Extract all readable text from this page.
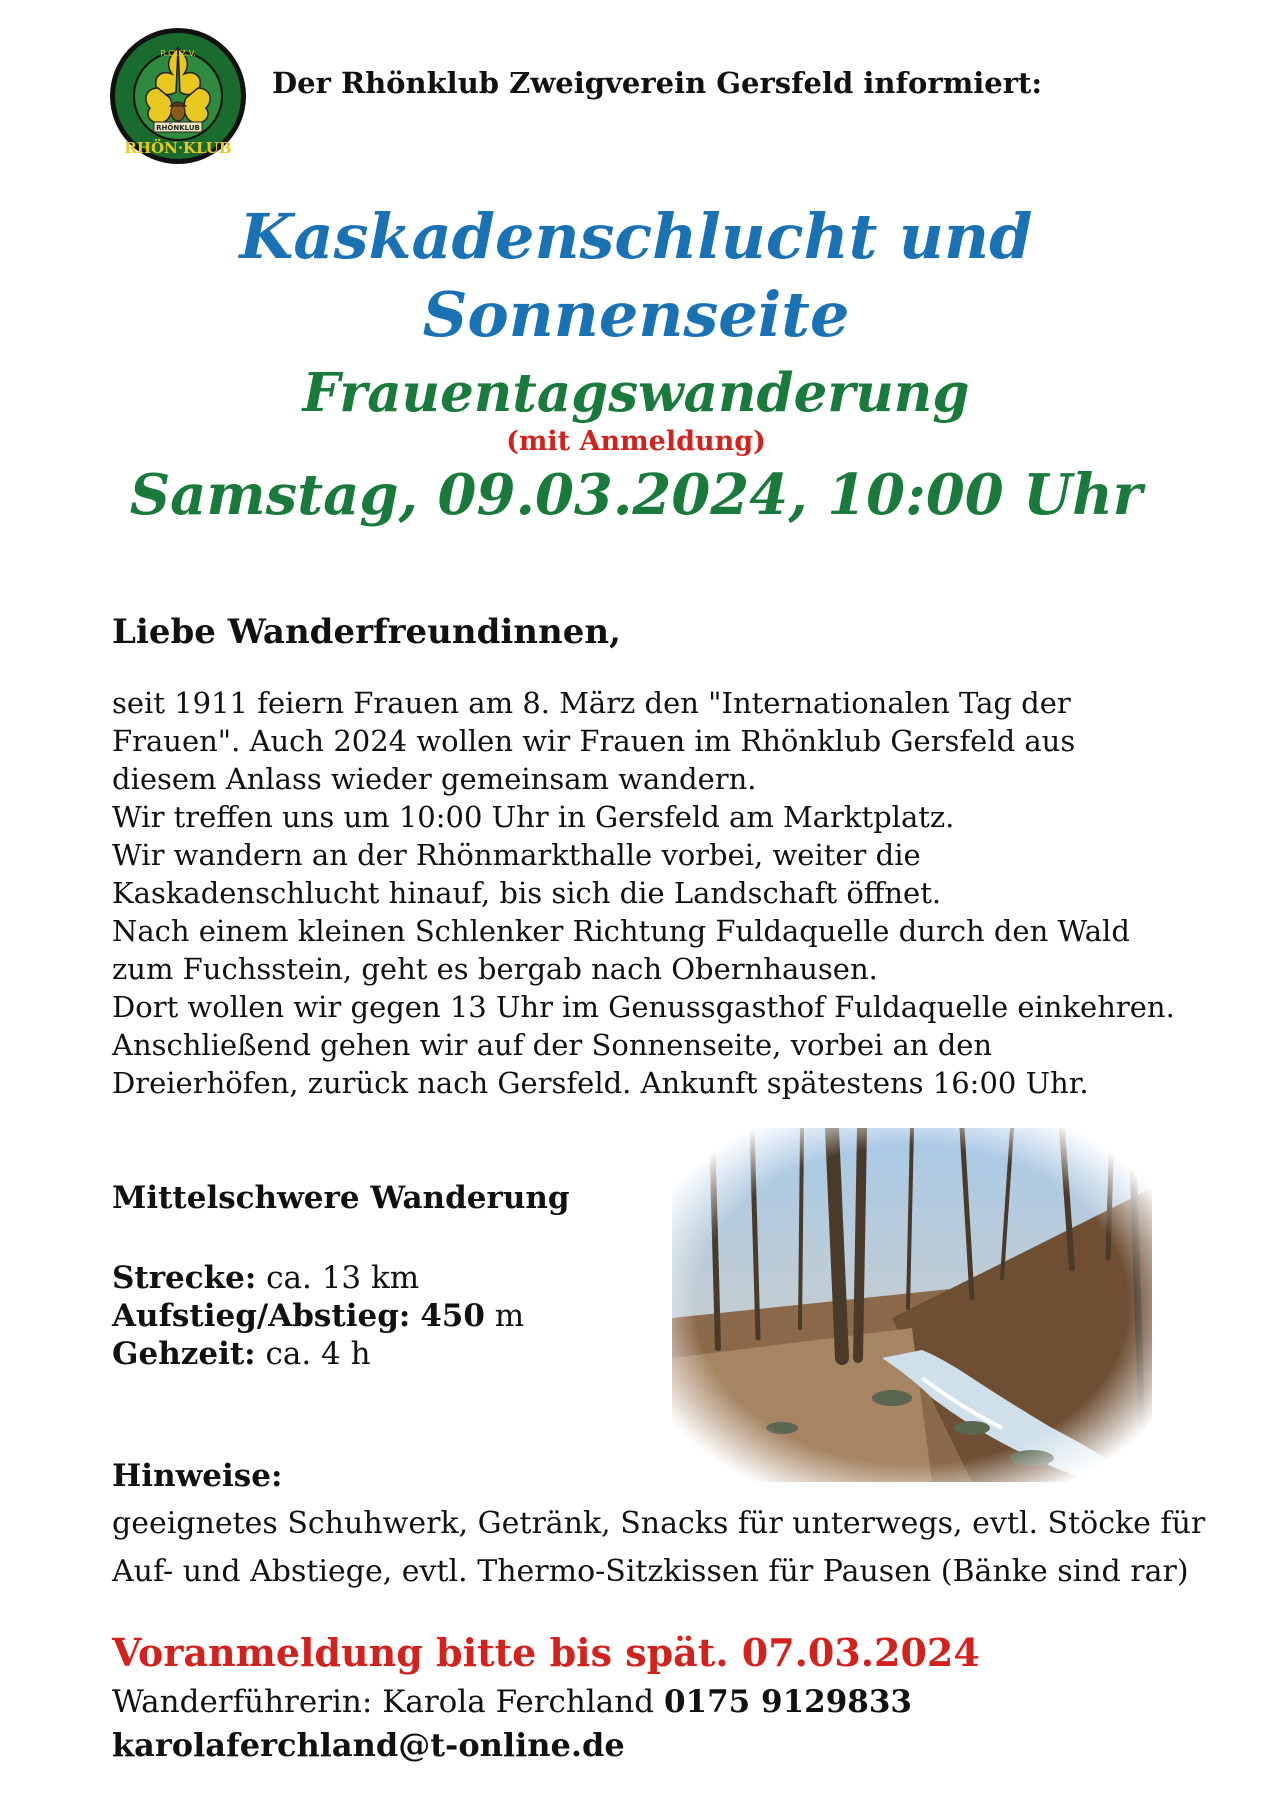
RHÖNKLUB
R.CL.Z.V.
RHÖN·KLUB
Der Rhönklub Zweigverein Gersfeld informiert:
Kaskadenschlucht und
Sonnenseite
Frauentagswanderung
(mit Anmeldung)
Samstag, 09.03.2024, 10:00 Uhr
Liebe Wanderfreundinnen,
seit 1911 feiern Frauen am 8. März den "Internationalen Tag der
Frauen". Auch 2024 wollen wir Frauen im Rhönklub Gersfeld aus
diesem Anlass wieder gemeinsam wandern.
Wir treffen uns um 10:00 Uhr in Gersfeld am Marktplatz.
Wir wandern an der Rhönmarkthalle vorbei, weiter die
Kaskadenschlucht hinauf, bis sich die Landschaft öffnet.
Nach einem kleinen Schlenker Richtung Fuldaquelle durch den Wald
zum Fuchsstein, geht es bergab nach Obernhausen.
Dort wollen wir gegen 13 Uhr im Genussgasthof Fuldaquelle einkehren.
Anschließend gehen wir auf der Sonnenseite, vorbei an den
Dreierhöfen, zurück nach Gersfeld. Ankunft spätestens 16:00 Uhr.
Mittelschwere Wanderung
Strecke: ca. 13 km
Aufstieg/Abstieg: 450 m
Gehzeit: ca. 4 h
Hinweise:
geeignetes Schuhwerk, Getränk, Snacks für unterwegs, evtl. Stöcke für
Auf- und Abstiege, evtl. Thermo-Sitzkissen für Pausen (Bänke sind rar)
Voranmeldung bitte bis spät. 07.03.2024
Wanderführerin: Karola Ferchland 0175 9129833
karolaferchland@t-online.de
